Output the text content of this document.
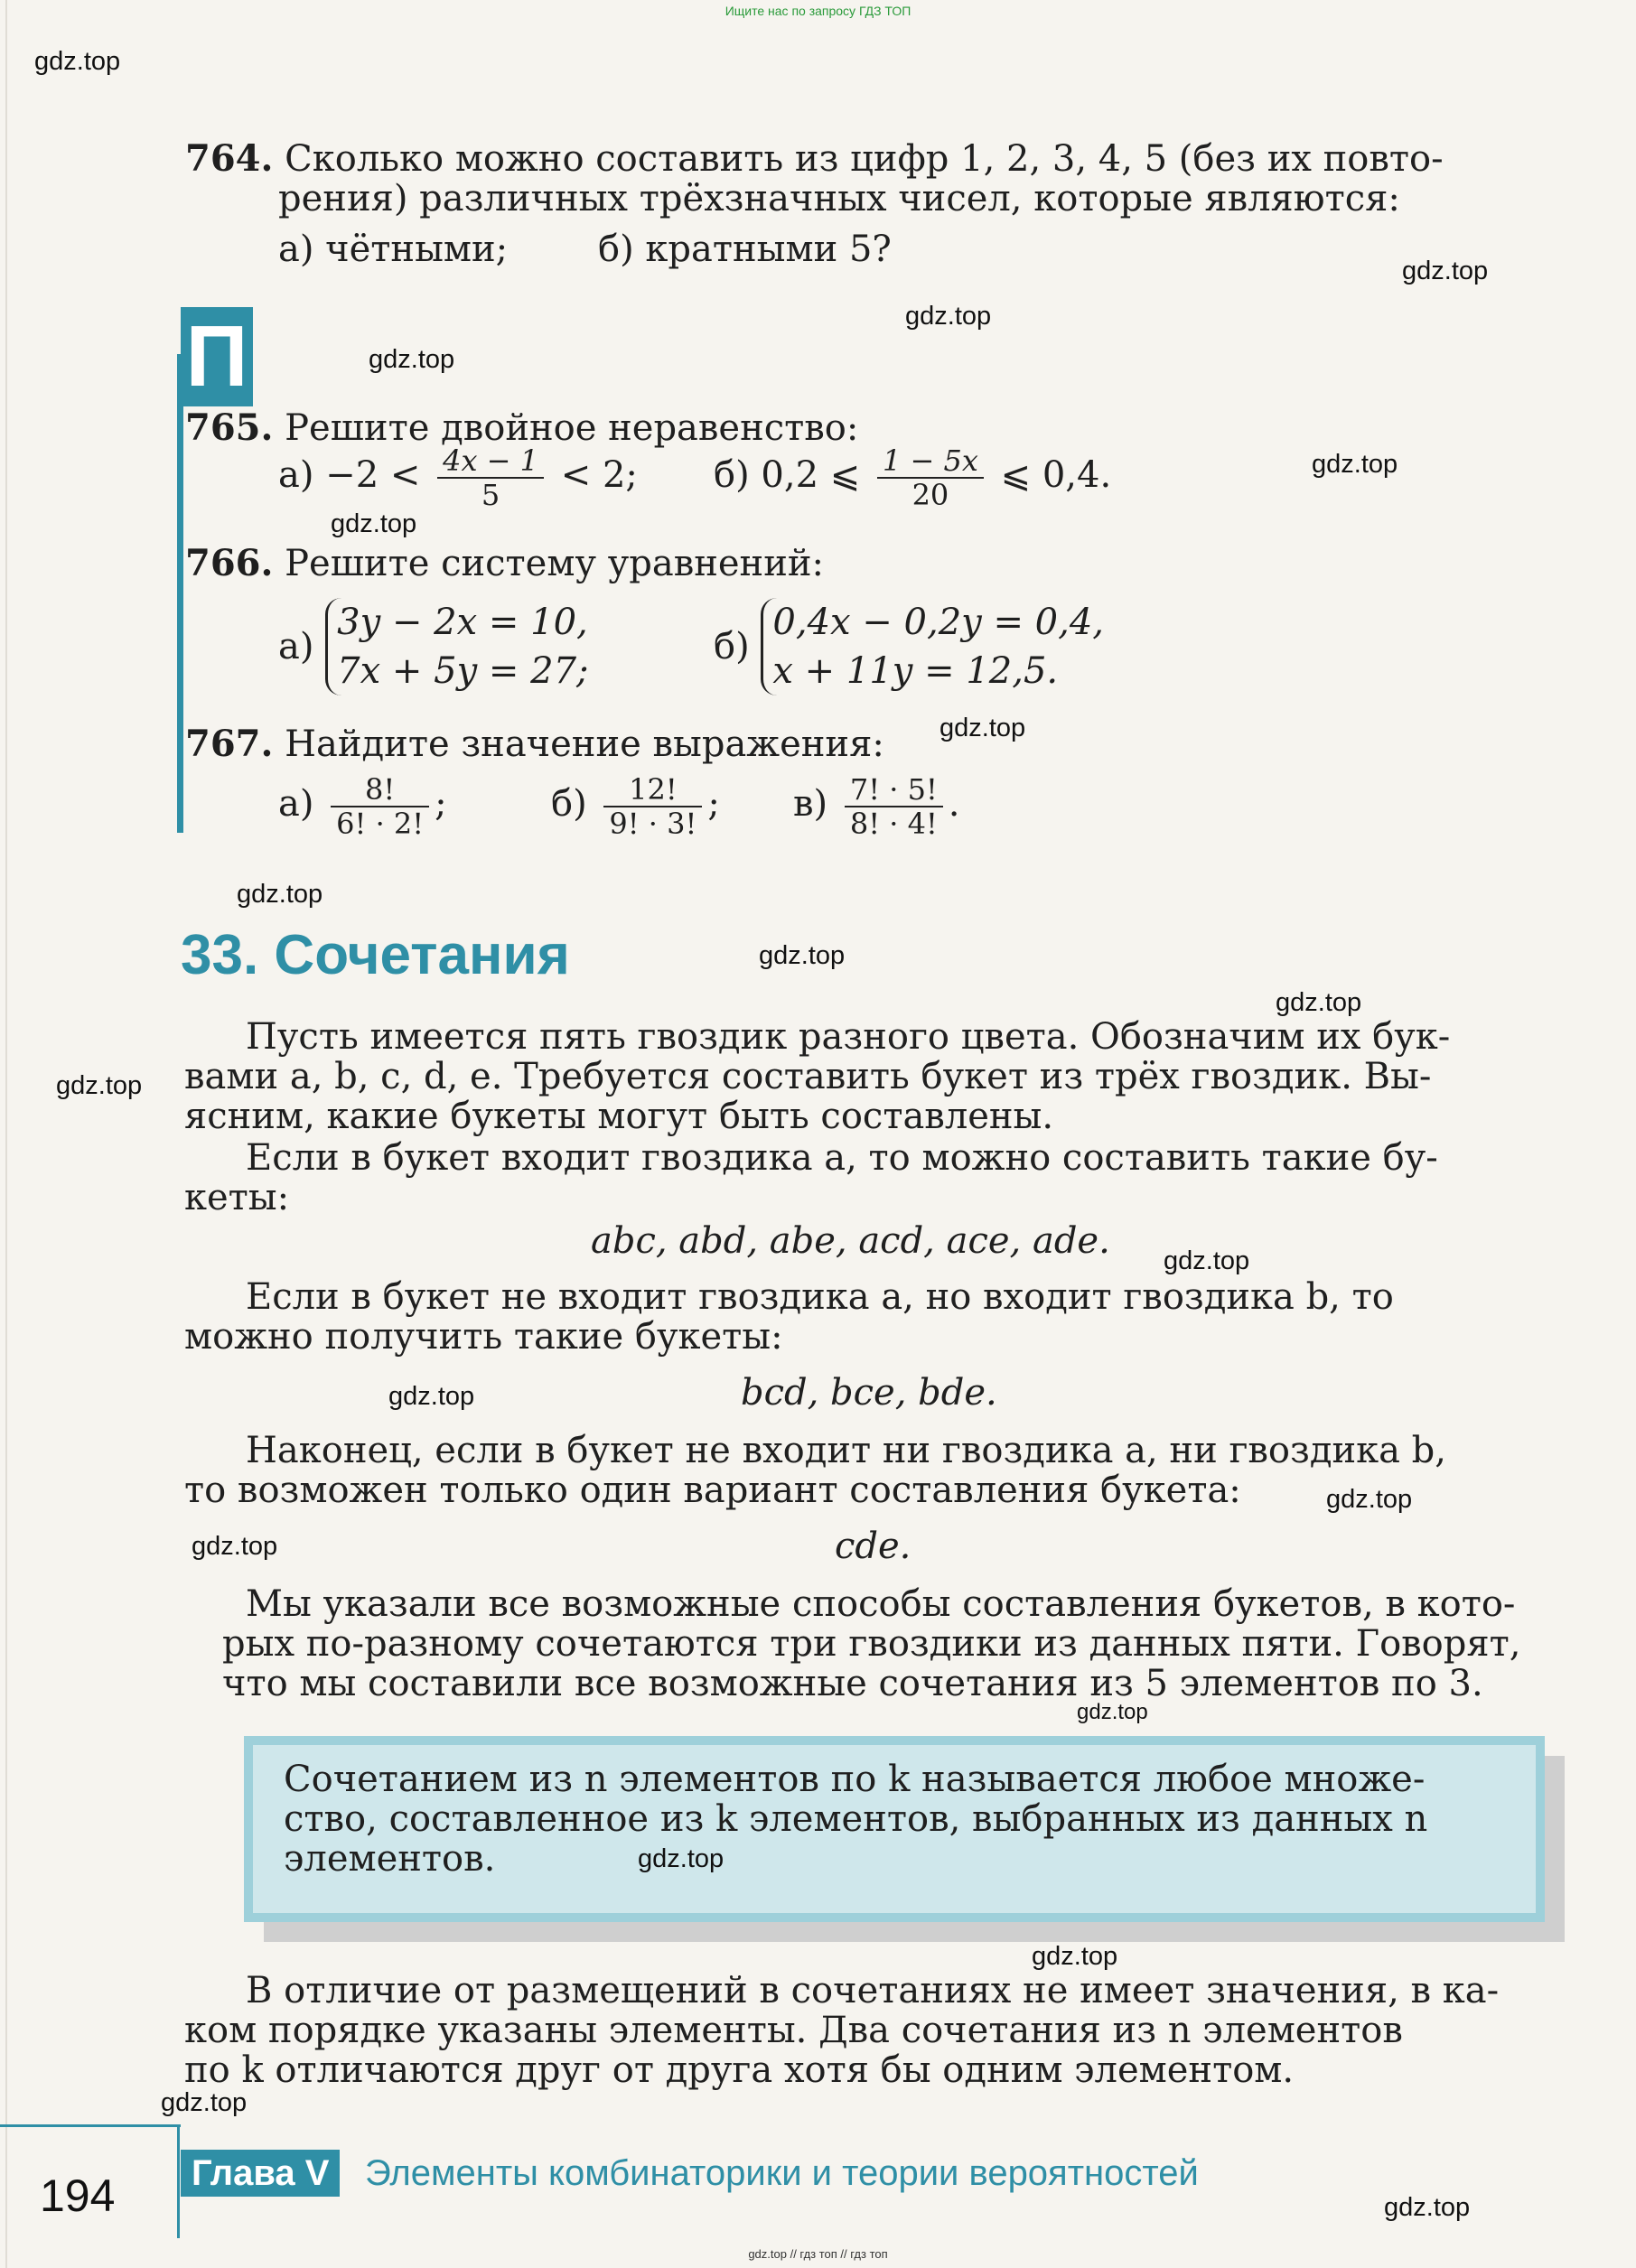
Ищите нас по запросу ГДЗ ТОП
П
764. Сколько можно составить из цифр 1, 2, 3, 4, 5 (без их повто-
рения) различных трёхзначных чисел, которые являются:
а) чётными; б) кратными 5?
765. Решите двойное неравенство:
$а) -2 < \frac{4x - 1}{5} < 2$; б) 0,2 ⩽ $\frac{1 - 5x}{20}$ ⩽ 0,4.
766. Решите систему уравнений:
а)
3y − 2x = 10,
7x + 5y = 27;
б)
0,4x − 0,2y = 0,4,
x + 11y = 12,5.
767. Найдите значение выражения:
$а) \frac{8!}{6! \cdot 2!}$ ;	$б) \frac{12!}{9! \cdot 3!}$ ; $в) \frac{7! \cdot 5!}{8! \cdot 4!}$ .
33. Сочетания
Пусть имеется пять гвоздик разного цвета. Обозначим их бук-
вами a, b, c, d, e. Требуется составить букет из трёх гвоздик. Вы-
ясним, какие букеты могут быть составлены.
Если в букет входит гвоздика a, то можно составить такие бу-
кеты:
abc, abd, abe, acd, ace, ade.
Если в букет не входит гвоздика a, но входит гвоздика b, то
можно получить такие букеты:
bcd, bce, bde.
Наконец, если в букет не входит ни гвоздика a, ни гвоздика b,
то возможен только один вариант составления букета:
cde.
Мы указали все возможные способы составления букетов, в кото-
рых по-разному сочетаются три гвоздики из данных пяти. Говорят,
что мы составили все возможные сочетания из 5 элементов по 3.
Сочетанием из n элементов по k называется любое множе-
ство, составленное из k элементов, выбранных из данных n
элементов.
В отличие от размещений в сочетаниях не имеет значения, в ка-
ком порядке указаны элементы. Два сочетания из n элементов
по k отличаются друг от друга хотя бы одним элементом.
194	Глава V Элементы комбинаторики и теории вероятностей
gdz.top // гдз топ // гдз топ
gdz.top
gdz.top
gdz.top
gdz.top
gdz.top
gdz.top
gdz.top
gdz.top
gdz.top
gdz.top
gdz.top
gdz.top
gdz.top
gdz.top
gdz.top
gdz.top
gdz.top
gdz.top
gdz.top
gdz.top
